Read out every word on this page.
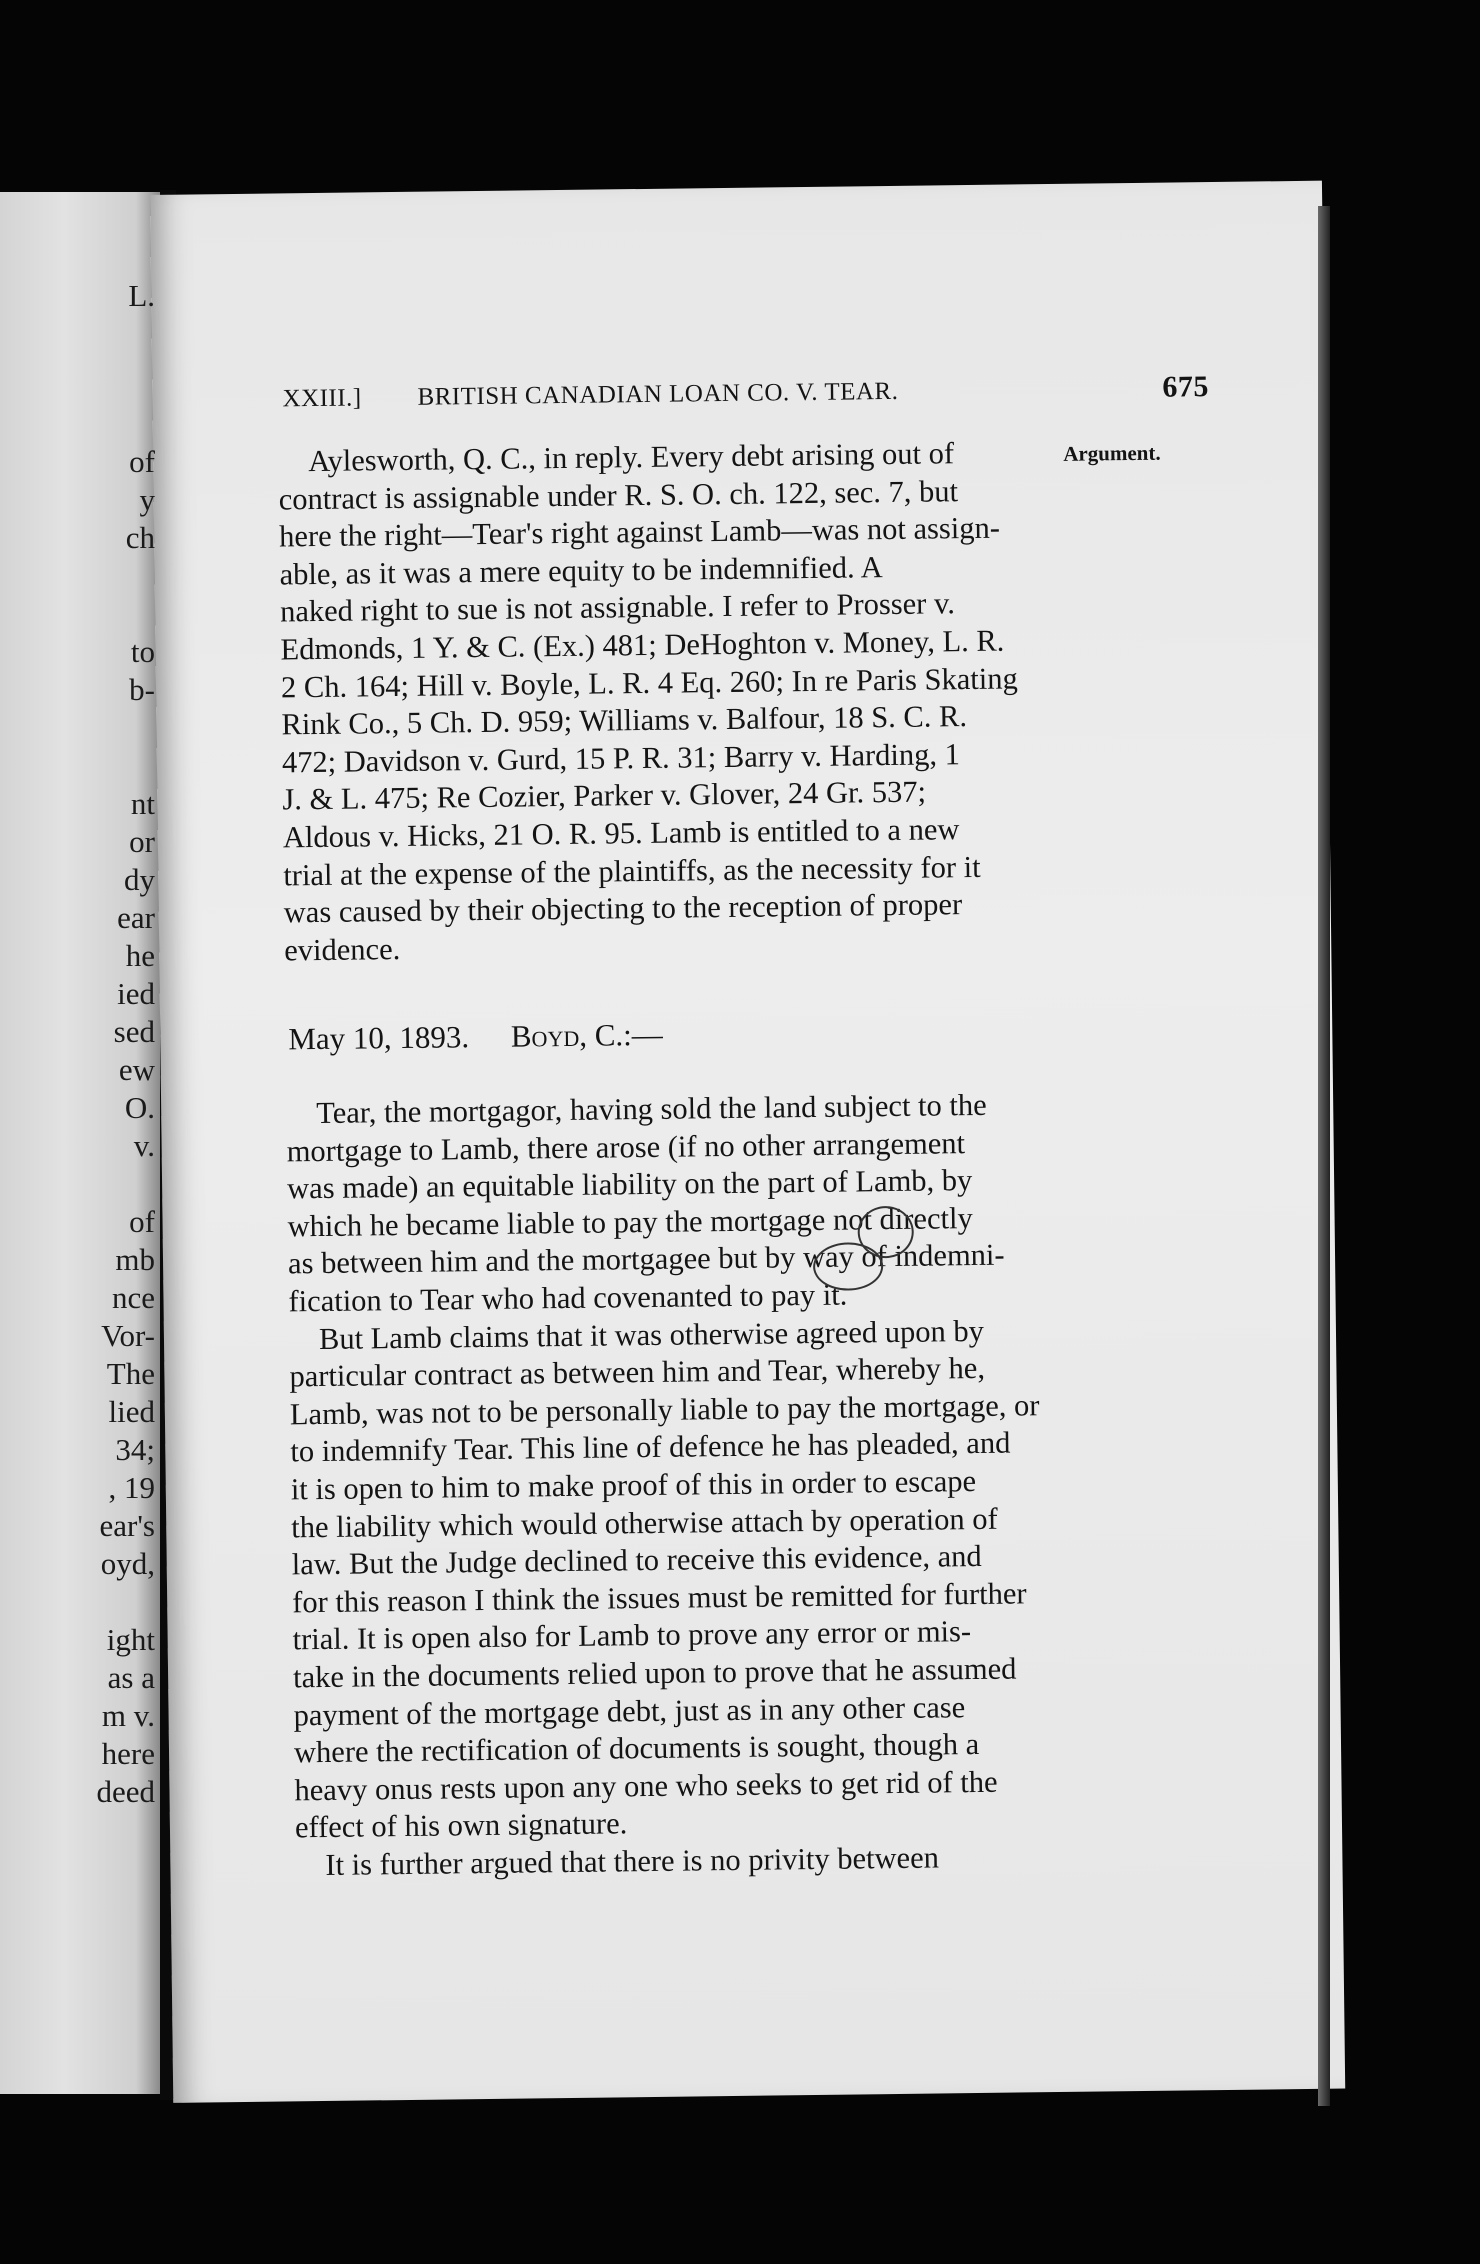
XXIII.] BRITISH CANADIAN LOAN CO. V. TEAR.	675
Argument.

Aylesworth, Q. C., in reply. Every debt arising out of

contract is assignable under R. S. O. ch. 122, sec. 7, but

here the right—Tear's right against Lamb—was not assign-

able, as it was a mere equity to be indemnified. A

naked right to sue is not assignable. I refer to Prosser v.

Edmonds, 1 Y. & C. (Ex.) 481; DeHoghton v. Money, L. R.

2 Ch. 164; Hill v. Boyle, L. R. 4 Eq. 260; In re Paris Skating

Rink Co., 5 Ch. D. 959; Williams v. Balfour, 18 S. C. R.

472; Davidson v. Gurd, 15 P. R. 31; Barry v. Harding, 1

J. & L. 475; Re Cozier, Parker v. Glover, 24 Gr. 537;

Aldous v. Hicks, 21 O. R. 95. Lamb is entitled to a new

trial at the expense of the plaintiffs, as the necessity for it

was caused by their objecting to the reception of proper

evidence.

May 10, 1893. Boyd, C.:—

Tear, the mortgagor, having sold the land subject to the

mortgage to Lamb, there arose (if no other arrangement

was made) an equitable liability on the part of Lamb, by

which he became liable to pay the mortgage not directly

as between him and the mortgagee but by way of indemni-

fication to Tear who had covenanted to pay it.

But Lamb claims that it was otherwise agreed upon by

particular contract as between him and Tear, whereby he,

Lamb, was not to be personally liable to pay the mortgage, or

to indemnify Tear. This line of defence he has pleaded, and

it is open to him to make proof of this in order to escape

the liability which would otherwise attach by operation of

law. But the Judge declined to receive this evidence, and

for this reason I think the issues must be remitted for further

trial. It is open also for Lamb to prove any error or mis-

take in the documents relied upon to prove that he assumed

payment of the mortgage debt, just as in any other case

where the rectification of documents is sought, though a

heavy onus rests upon any one who seeks to get rid of the

effect of his own signature.

It is further argued that there is no privity between

L.
of
y
ch
to
b-
nt
or
dy
ear
he
ied
sed
ew
O.
v.
of
mb
nce
Vor-
The
lied
34;
, 19
ear's
oyd,
ight
as a
m v.
here
deed
